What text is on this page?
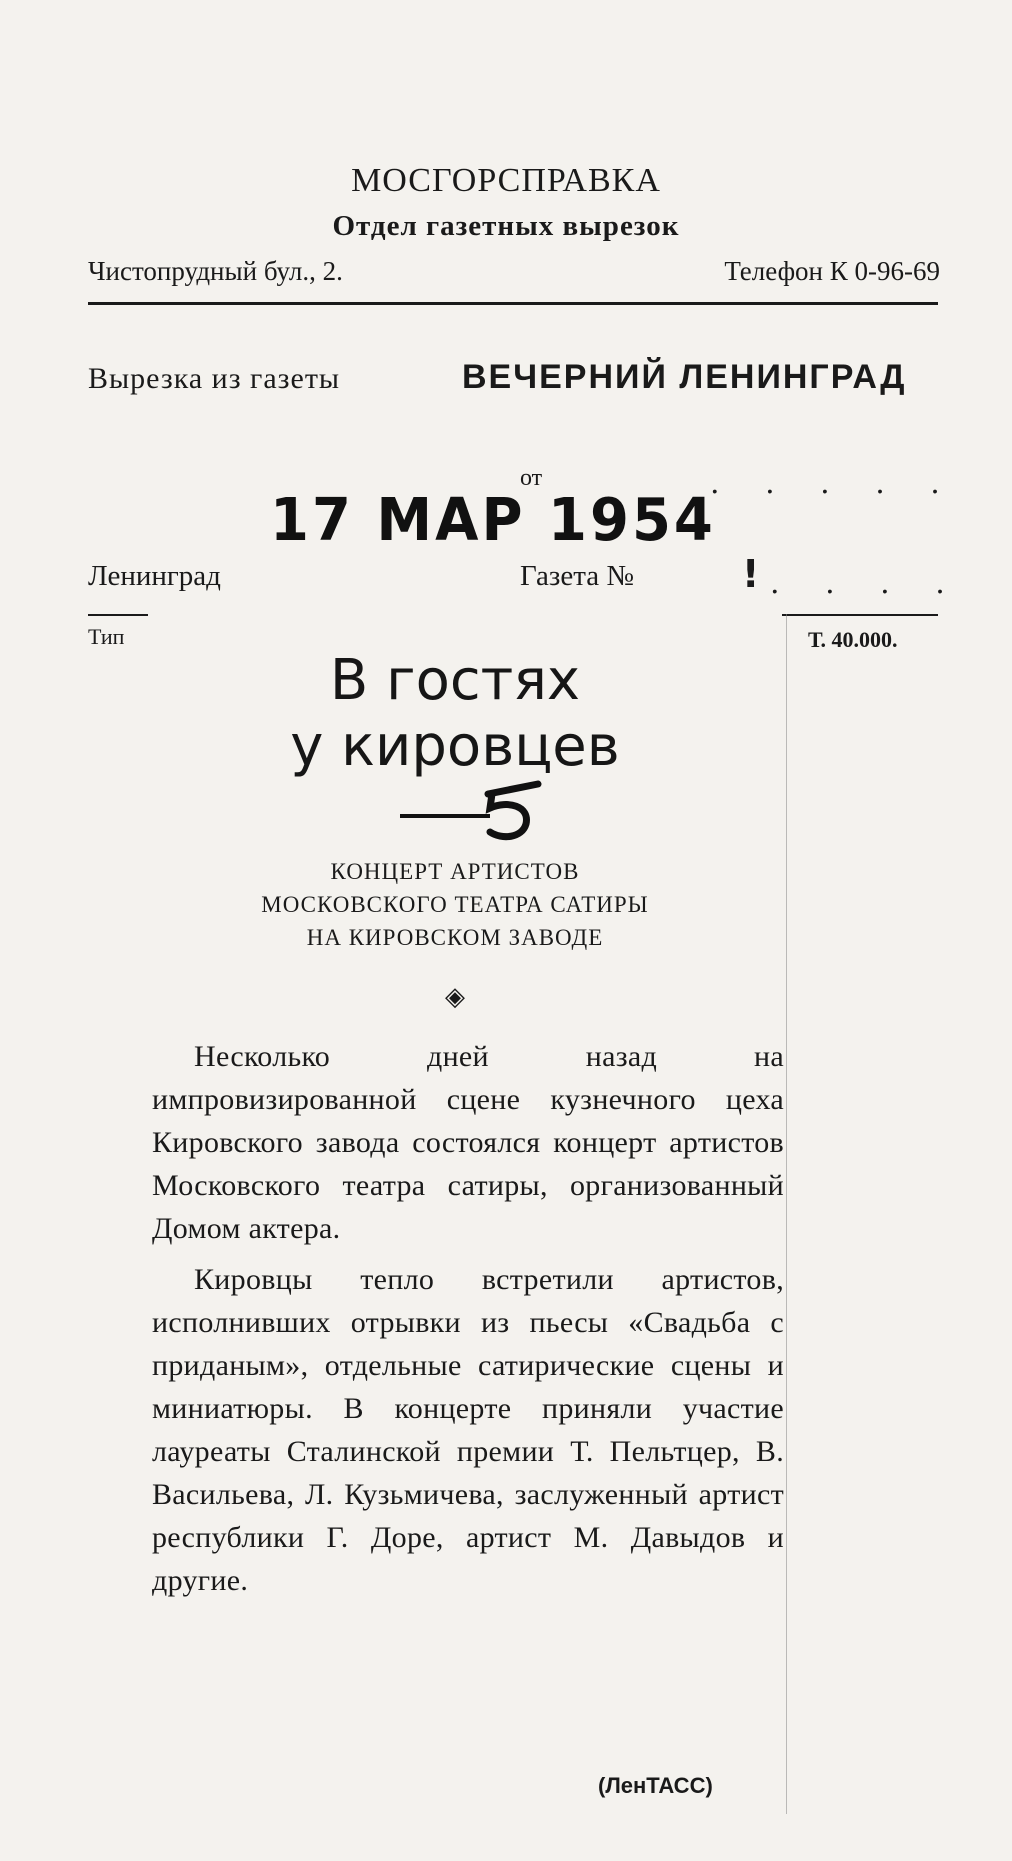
МОСГОРСПРАВКА
Отдел газетных вырезок
Чистопрудный бул., 2.	Телефон К 0-96-69
Вырезка из газеты	ВЕЧЕРНИЙ ЛЕНИНГРАД
от	. . . . .
17 МАР 1954
Ленинград	Газета №	! . . . .
Тип	Т. 40.000.
В гостях
у кировцев
КОНЦЕРТ АРТИСТОВ
МОСКОВСКОГО ТЕАТРА САТИРЫ
НА КИРОВСКОМ ЗАВОДЕ
◈

Несколько дней назад на импровизированной сцене кузнечного цеха Кировского завода состоялся концерт артистов Московского театра сатиры, организованный Домом актера.

Кировцы тепло встретили артистов, исполнивших отрывки из пьесы «Свадьба с приданым», отдельные сатирические сцены и миниатюры. В концерте приняли участие лауреаты Сталинской премии Т. Пельтцер, В. Васильева, Л. Кузьмичева, заслуженный артист республики Г. Доре, артист М. Давыдов и другие.

(ЛенТАСС)
